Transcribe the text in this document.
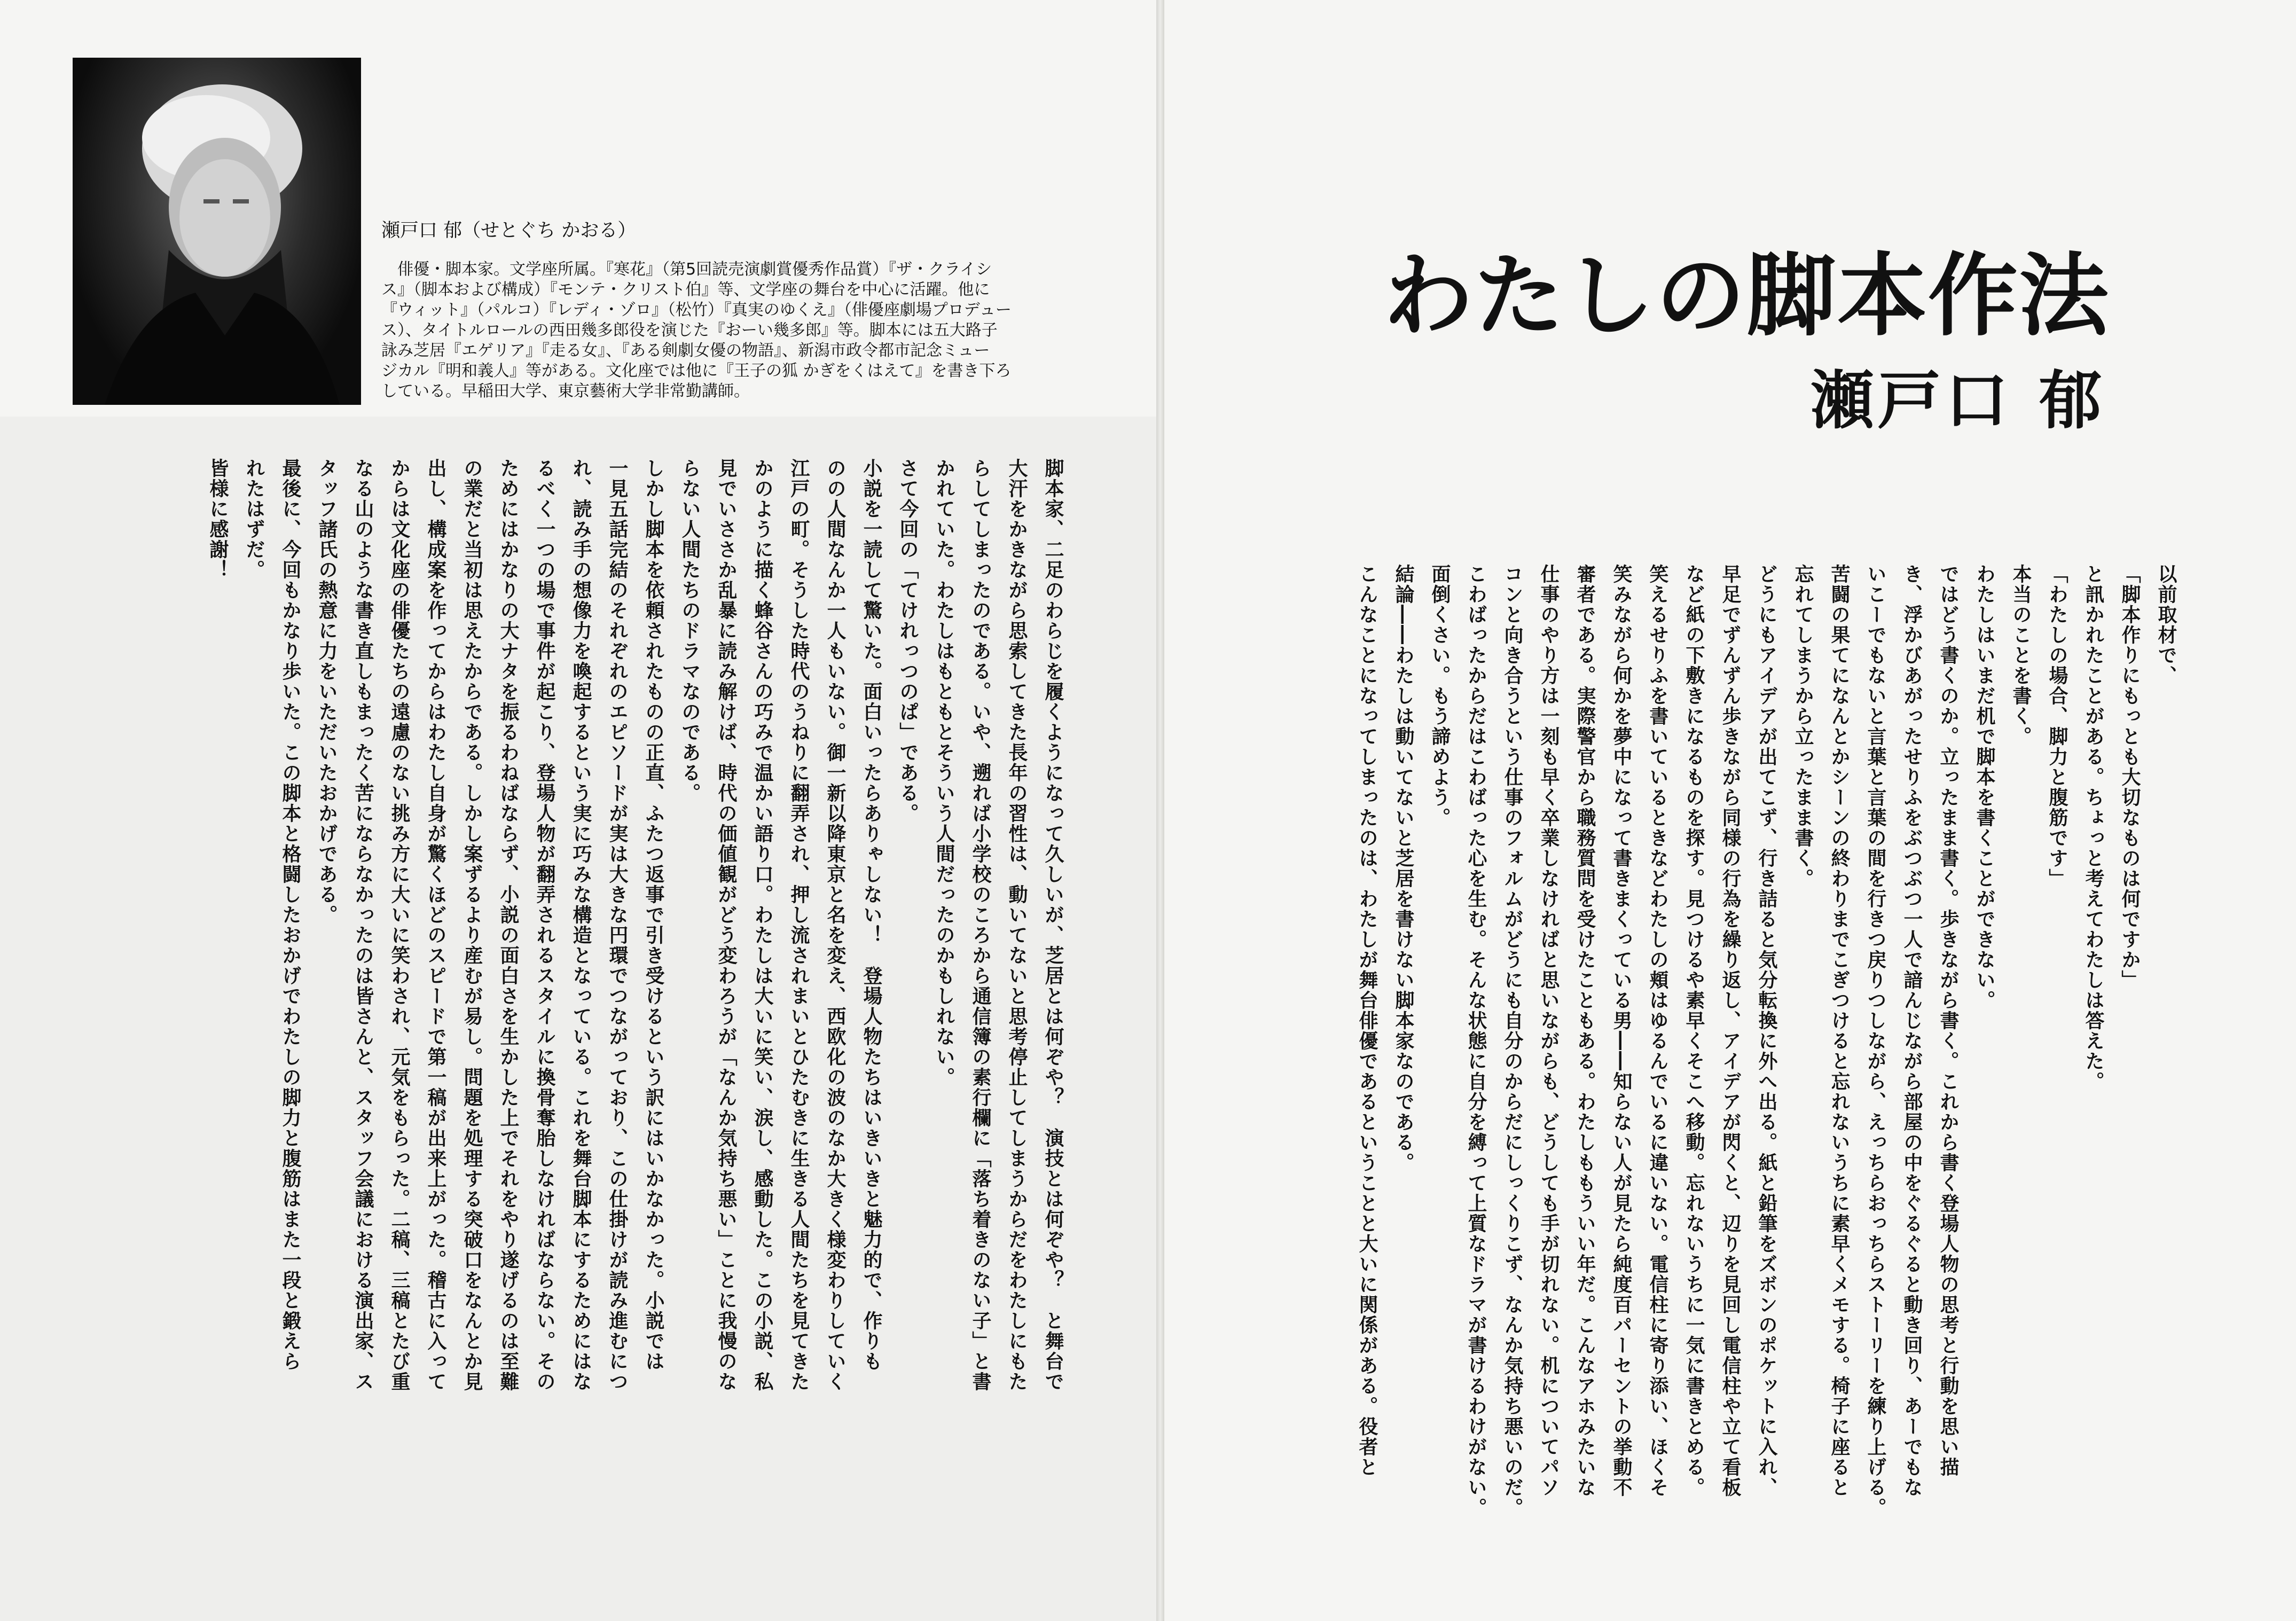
瀬戸口 郁（せとぐち かおる）
　俳優・脚本家。文学座所属。『寒花』（第5回読売演劇賞優秀作品賞）『ザ・クライシ
ス』（脚本および構成）『モンテ・クリスト伯』等、文学座の舞台を中心に活躍。他に
『ウィット』（パルコ）『レディ・ゾロ』（松竹）『真実のゆくえ』（俳優座劇場プロデュー
ス）、タイトルロールの西田幾多郎役を演じた『おーい幾多郎』等。脚本には五大路子
詠み芝居『エゲリア』『走る女』、『ある剣劇女優の物語』、新潟市政令都市記念ミュー
ジカル『明和義人』等がある。文化座では他に『王子の狐 かぎをくはえて』を書き下ろ
している。早稲田大学、東京藝術大学非常勤講師。
脚本家、二足のわらじを履くようになって久しいが、芝居とは何ぞや？　演技とは何ぞや？　と舞台で
大汗をかきながら思索してきた長年の習性は、動いてないと思考停止してしまうからだをわたしにもた
らしてしまったのである。いや、遡れば小学校のころから通信簿の素行欄に「落ち着きのない子」と書
かれていた。わたしはもともとそういう人間だったのかもしれない。
さて今回の「てけれっつのぱ」である。
小説を一読して驚いた。面白いったらありゃしない！　登場人物たちはいきいきと魅力的で、作りも
のの人間なんか一人もいない。御一新以降東京と名を変え、西欧化の波のなか大きく様変わりしていく
江戸の町。そうした時代のうねりに翻弄され、押し流されまいとひたむきに生きる人間たちを見てきた
かのように描く蜂谷さんの巧みで温かい語り口。わたしは大いに笑い、涙し、感動した。この小説、私
見でいささか乱暴に読み解けば、時代の価値観がどう変わろうが「なんか気持ち悪い」ことに我慢のな
らない人間たちのドラマなのである。
しかし脚本を依頼されたものの正直、ふたつ返事で引き受けるという訳にはいかなかった。小説では
一見五話完結のそれぞれのエピソードが実は大きな円環でつながっており、この仕掛けが読み進むにつ
れ、読み手の想像力を喚起するという実に巧みな構造となっている。これを舞台脚本にするためにはな
るべく一つの場で事件が起こり、登場人物が翻弄されるスタイルに換骨奪胎しなければならない。その
ためにはかなりの大ナタを振るわねばならず、小説の面白さを生かした上でそれをやり遂げるのは至難
の業だと当初は思えたからである。しかし案ずるより産むが易し。問題を処理する突破口をなんとか見
出し、構成案を作ってからはわたし自身が驚くほどのスピードで第一稿が出来上がった。稽古に入って
からは文化座の俳優たちの遠慮のない挑み方に大いに笑わされ、元気をもらった。二稿、三稿とたび重
なる山のような書き直しもまったく苦にならなかったのは皆さんと、スタッフ会議における演出家、ス
タッフ諸氏の熱意に力をいただいたおかげである。
最後に、今回もかなり歩いた。この脚本と格闘したおかげでわたしの脚力と腹筋はまた一段と鍛えら
れたはずだ。
皆様に感謝！
わたしの脚本作法
瀬戸口 郁
以前取材で、
「脚本作りにもっとも大切なものは何ですか」
と訊かれたことがある。ちょっと考えてわたしは答えた。
「わたしの場合、脚力と腹筋です」
本当のことを書く。
わたしはいまだ机で脚本を書くことができない。
ではどう書くのか。立ったまま書く。歩きながら書く。これから書く登場人物の思考と行動を思い描
き、浮かびあがったせりふをぶつぶつ一人で諳んじながら部屋の中をぐるぐると動き回り、あーでもな
いこーでもないと言葉と言葉の間を行きつ戻りつしながら、えっちらおっちらストーリーを練り上げる。
苦闘の果てになんとかシーンの終わりまでこぎつけると忘れないうちに素早くメモする。椅子に座ると
忘れてしまうから立ったまま書く。
どうにもアイデアが出てこず、行き詰ると気分転換に外へ出る。紙と鉛筆をズボンのポケットに入れ、
早足でずんずん歩きながら同様の行為を繰り返し、アイデアが閃くと、辺りを見回し電信柱や立て看板
など紙の下敷きになるものを探す。見つけるや素早くそこへ移動。忘れないうちに一気に書きとめる。
笑えるせりふを書いているときなどわたしの頬はゆるんでいるに違いない。電信柱に寄り添い、ほくそ
笑みながら何かを夢中になって書きまくっている男――知らない人が見たら純度百パーセントの挙動不
審者である。実際警官から職務質問を受けたこともある。わたしももういい年だ。こんなアホみたいな
仕事のやり方は一刻も早く卒業しなければと思いながらも、どうしても手が切れない。机についてパソ
コンと向き合うという仕事のフォルムがどうにも自分のからだにしっくりこず、なんか気持ち悪いのだ。
こわばったからだはこわばった心を生む。そんな状態に自分を縛って上質なドラマが書けるわけがない。
面倒くさい。もう諦めよう。
結論――わたしは動いてないと芝居を書けない脚本家なのである。
こんなことになってしまったのは、わたしが舞台俳優であるということと大いに関係がある。役者と
